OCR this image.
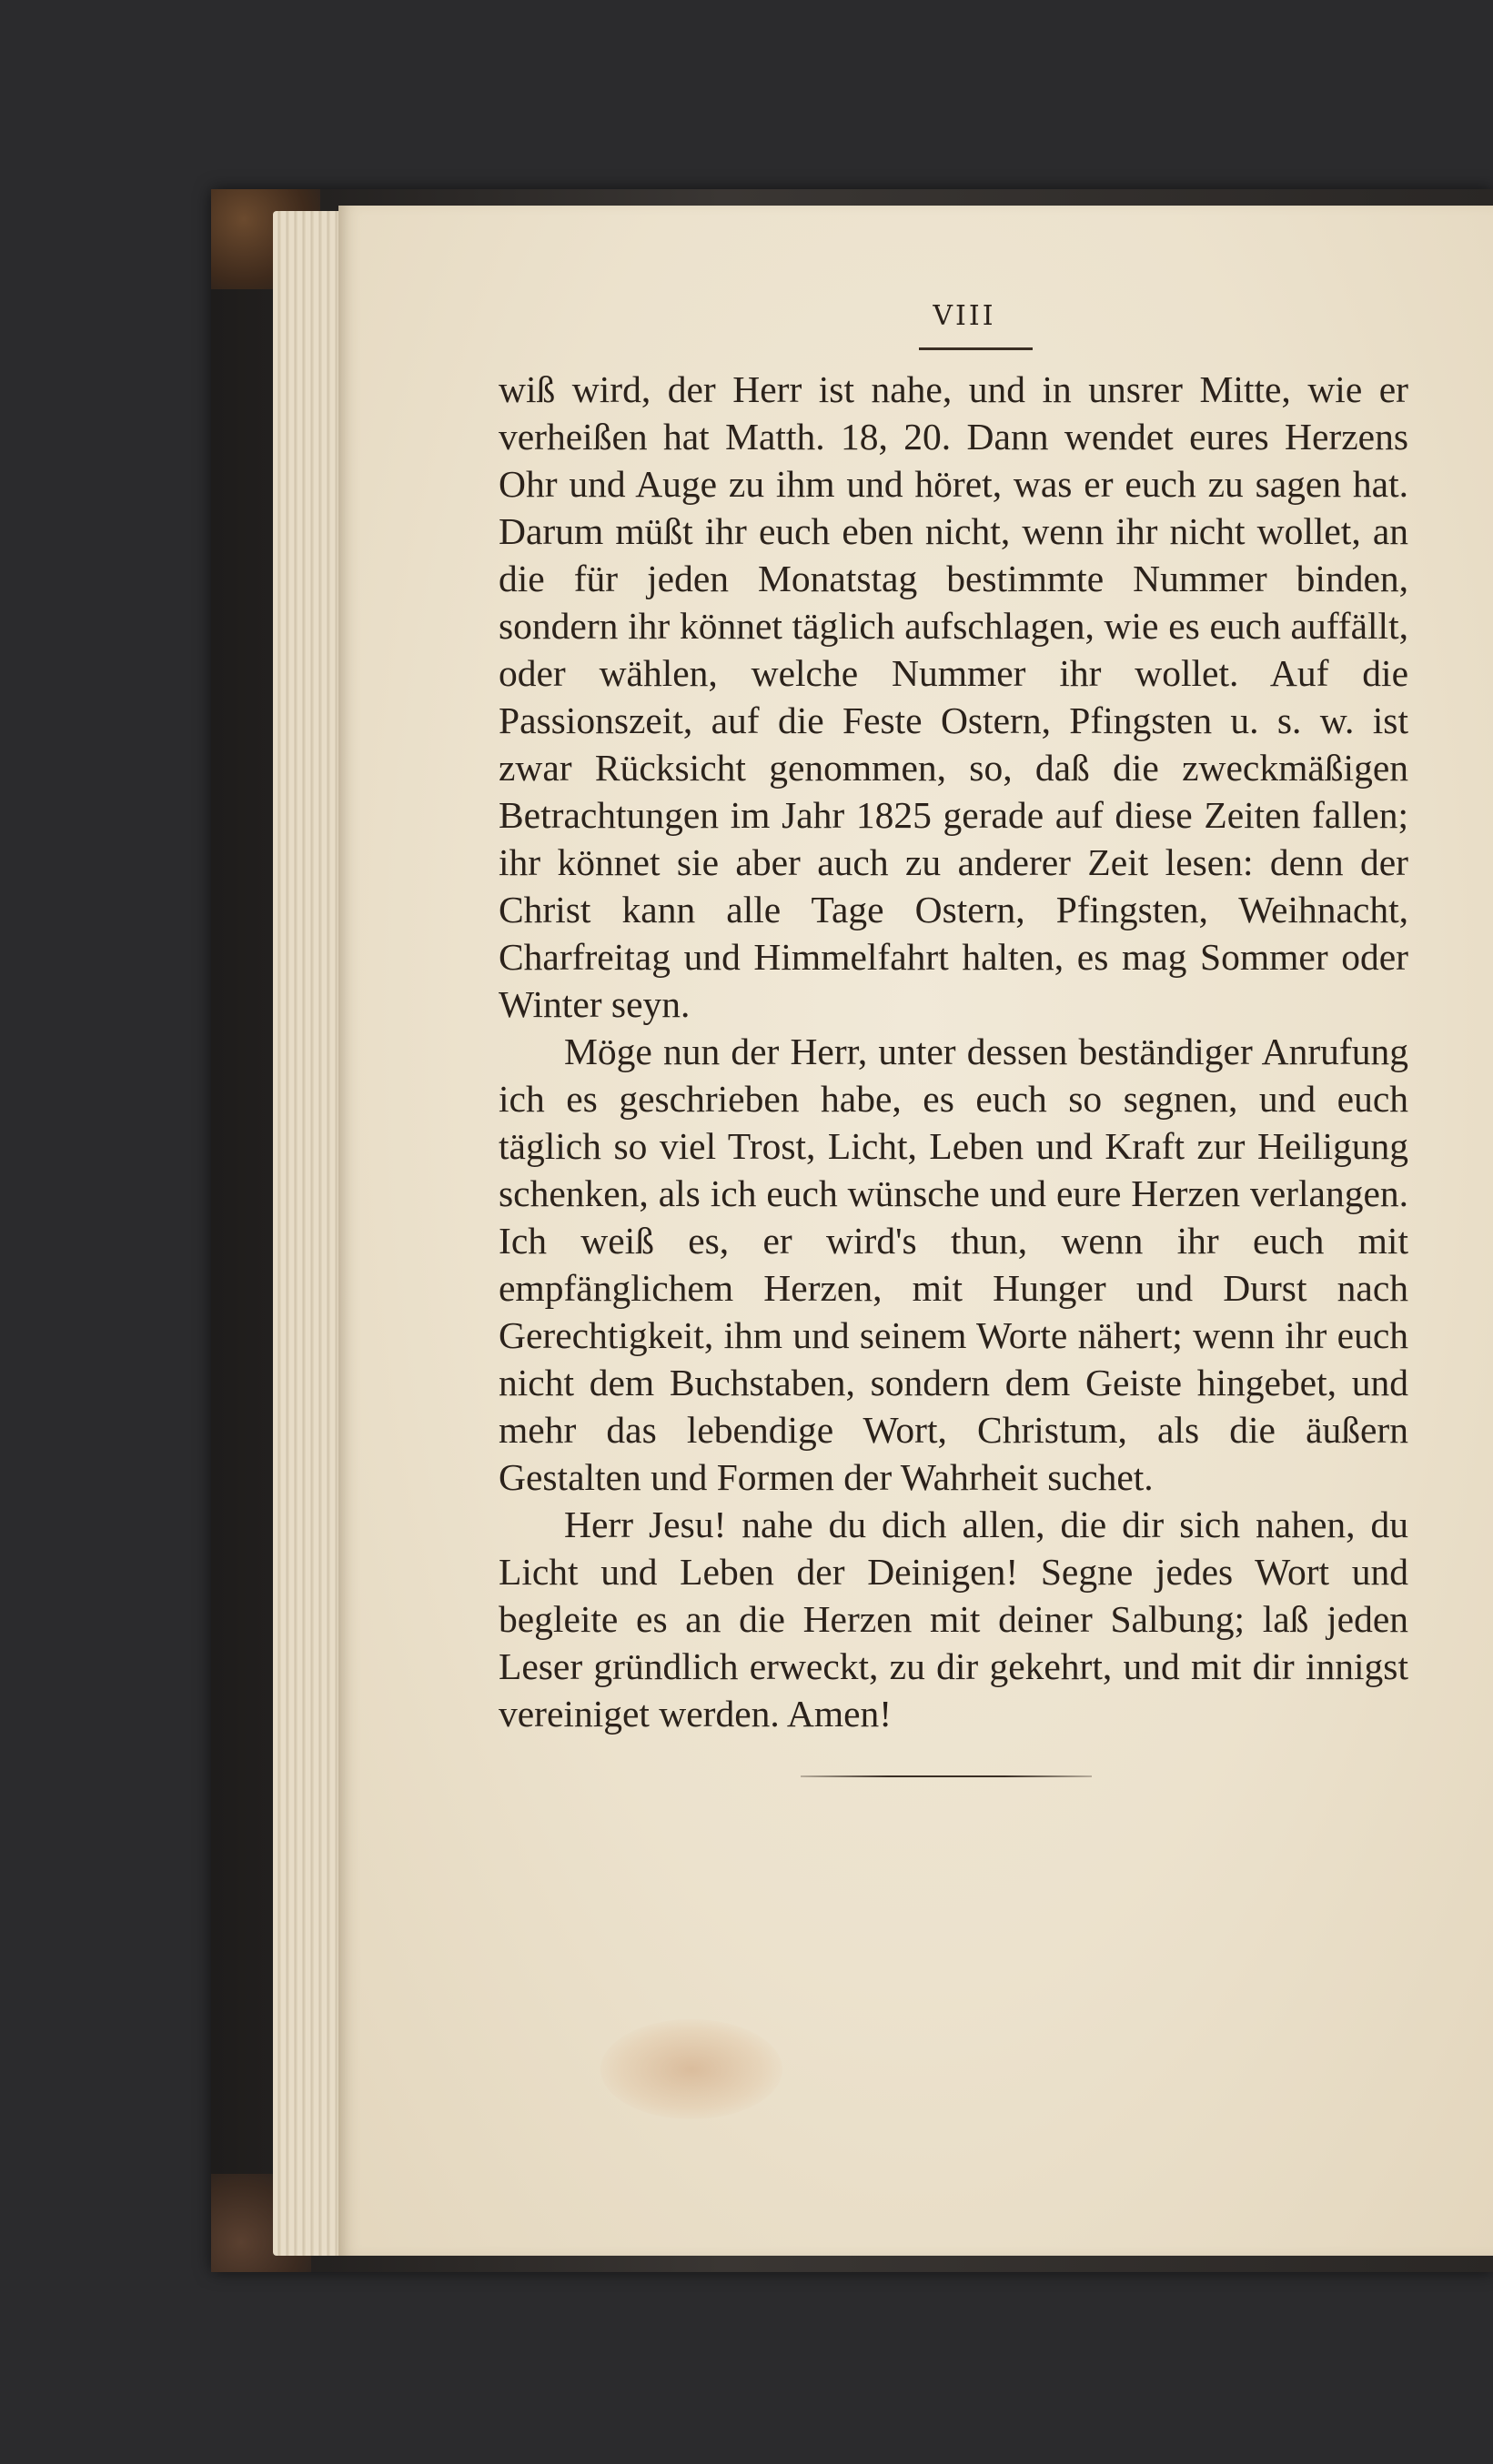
VIII

wiß wird, der Herr ist nahe, und in unsrer Mitte, wie er verheißen hat Matth. 18, 20. Dann wendet eures Herzens Ohr und Auge zu ihm und höret, was er euch zu sagen hat. Darum müßt ihr euch eben nicht, wenn ihr nicht wollet, an die für jeden Monatstag bestimmte Nummer binden, sondern ihr könnet täglich aufschlagen, wie es euch auffällt, oder wählen, welche Nummer ihr wollet. Auf die Passionszeit, auf die Feste Ostern, Pfingsten u. s. w. ist zwar Rücksicht genommen, so, daß die zweckmäßigen Betrachtungen im Jahr 1825 gerade auf diese Zeiten fallen; ihr könnet sie aber auch zu anderer Zeit lesen: denn der Christ kann alle Tage Ostern, Pfingsten, Weihnacht, Charfreitag und Himmelfahrt halten, es mag Sommer oder Winter seyn.

Möge nun der Herr, unter dessen beständiger Anrufung ich es geschrieben habe, es euch so segnen, und euch täglich so viel Trost, Licht, Leben und Kraft zur Heiligung schenken, als ich euch wünsche und eure Herzen verlangen. Ich weiß es, er wird's thun, wenn ihr euch mit empfänglichem Herzen, mit Hunger und Durst nach Gerechtigkeit, ihm und seinem Worte nähert; wenn ihr euch nicht dem Buchstaben, sondern dem Geiste hingebet, und mehr das lebendige Wort, Christum, als die äußern Gestalten und Formen der Wahrheit suchet.

Herr Jesu! nahe du dich allen, die dir sich nahen, du Licht und Leben der Deinigen! Segne jedes Wort und begleite es an die Herzen mit deiner Salbung; laß jeden Leser gründlich erweckt, zu dir gekehrt, und mit dir innigst vereiniget werden. Amen!
